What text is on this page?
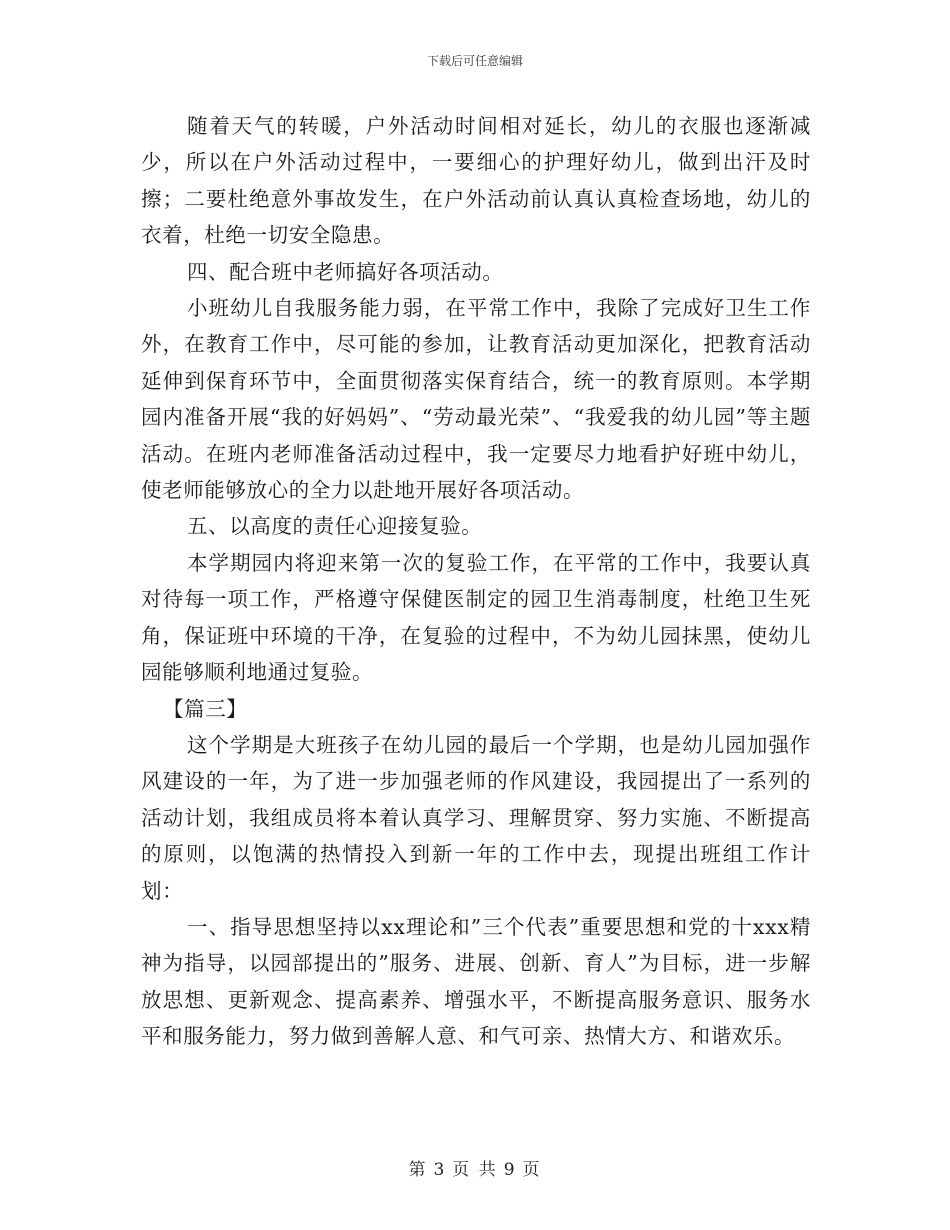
下载后可任意编辑

随着天气的转暖，户外活动时间相对延长，幼儿的衣服也逐渐减少，所以在户外活动过程中，一要细心的护理好幼儿，做到出汗及时擦；二要杜绝意外事故发生，在户外活动前认真认真检查场地，幼儿的衣着，杜绝一切安全隐患。

四、配合班中老师搞好各项活动。

小班幼儿自我服务能力弱，在平常工作中，我除了完成好卫生工作外，在教育工作中，尽可能的参加，让教育活动更加深化，把教育活动延伸到保育环节中，全面贯彻落实保育结合，统一的教育原则。本学期园内准备开展“我的好妈妈”、“劳动最光荣”、“我爱我的幼儿园”等主题活动。在班内老师准备活动过程中，我一定要尽力地看护好班中幼儿，使老师能够放心的全力以赴地开展好各项活动。

五、以高度的责任心迎接复验。

本学期园内将迎来第一次的复验工作，在平常的工作中，我要认真对待每一项工作，严格遵守保健医制定的园卫生消毒制度，杜绝卫生死角，保证班中环境的干净，在复验的过程中，不为幼儿园抹黑，使幼儿园能够顺利地通过复验。

【篇三】

这个学期是大班孩子在幼儿园的最后一个学期，也是幼儿园加强作风建设的一年，为了进一步加强老师的作风建设，我园提出了一系列的活动计划，我组成员将本着认真学习、理解贯穿、努力实施、不断提高的原则，以饱满的热情投入到新一年的工作中去，现提出班组工作计划：

一、指导思想坚持以xx理论和”三个代表”重要思想和党的十xxx精神为指导，以园部提出的”服务、进展、创新、育人”为目标，进一步解放思想、更新观念、提高素养、增强水平，不断提高服务意识、服务水平和服务能力，努力做到善解人意、和气可亲、热情大方、和谐欢乐。

第 3 页 共 9 页
